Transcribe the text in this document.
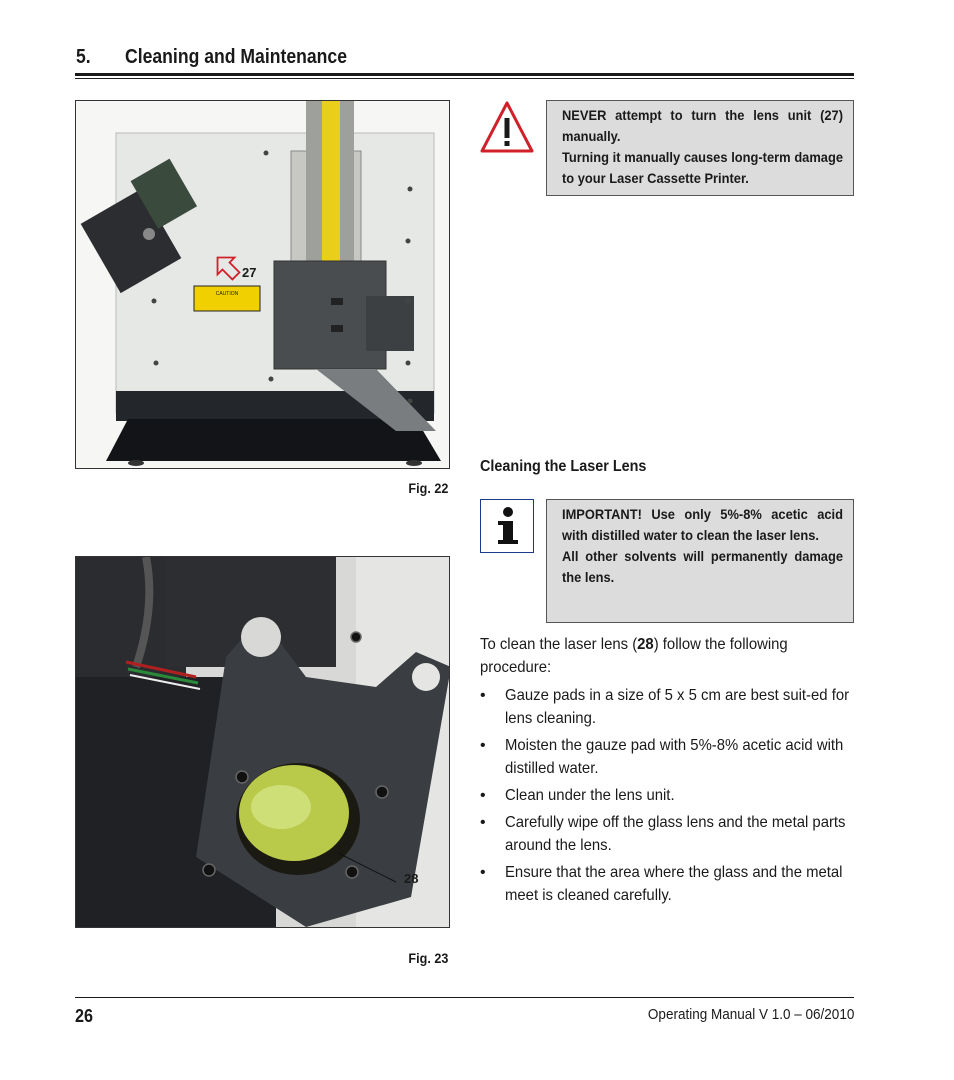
5. Cleaning and Maintenance
CAUTION
27
Fig. 22

NEVER attempt to turn the lens unit (27) manually.

Turning it manually causes long-term damage to your Laser Cassette Printer.

Cleaning the Laser Lens

IMPORTANT! Use only 5%-8% acetic acid with distilled water to clean the laser lens.

All other solvents will permanently damage the lens.

28
Fig. 23
To clean the laser lens (28) follow the following
procedure:
• Gauze pads in a size of 5 x 5 cm are best suit-ed for lens cleaning.
• Moisten the gauze pad with 5%-8% acetic acid with distilled water.
• Clean under the lens unit.
• Carefully wipe off the glass lens and the metal parts around the lens.
• Ensure that the area where the glass and the metal meet is cleaned carefully.
26	Operating Manual V 1.0 – 06/2010
